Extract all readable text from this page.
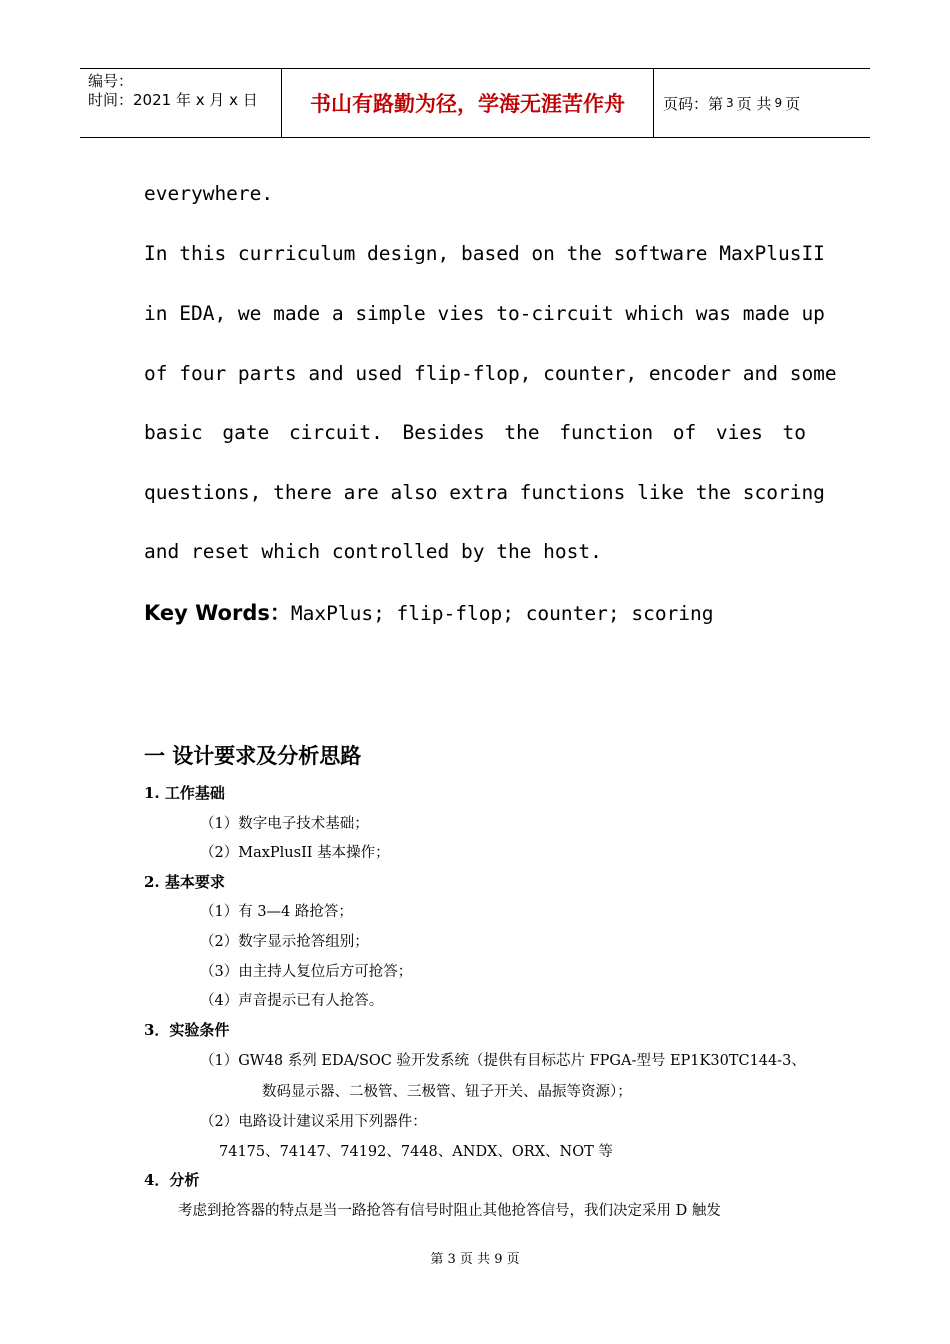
编号：
时间：2021 年 x 月 x 日	书山有路勤为径，学海无涯苦作舟	页码：第 3 页 共 9 页
everywhere.
In this curriculum design, based on the software MaxPlusII
in EDA, we made a simple vies to-circuit which was made up
of four parts and used flip-flop, counter, encoder and some
basic gate circuit. Besides the function of vies to
questions, there are also extra functions like the scoring
and reset which controlled by the host.
Key Words：MaxPlus; flip-flop; counter; scoring
一 设计要求及分析思路
1. 工作基础
（1）数字电子技术基础；
（2）MaxPlusII 基本操作；
2. 基本要求
（1）有 3—4 路抢答；
（2）数字显示抢答组别；
（3）由主持人复位后方可抢答；
（4）声音提示已有人抢答。
3．实验条件
（1）GW48 系列 EDA/SOC 验开发系统（提供有目标芯片 FPGA-型号 EP1K30TC144-3、
数码显示器、二极管、三极管、钮子开关、晶振等资源）；
（2）电路设计建议采用下列器件：
74175、74147、74192、7448、ANDX、ORX、NOT 等
4．分析
考虑到抢答器的特点是当一路抢答有信号时阻止其他抢答信号，我们决定采用 D 触发
第 3 页 共 9 页
